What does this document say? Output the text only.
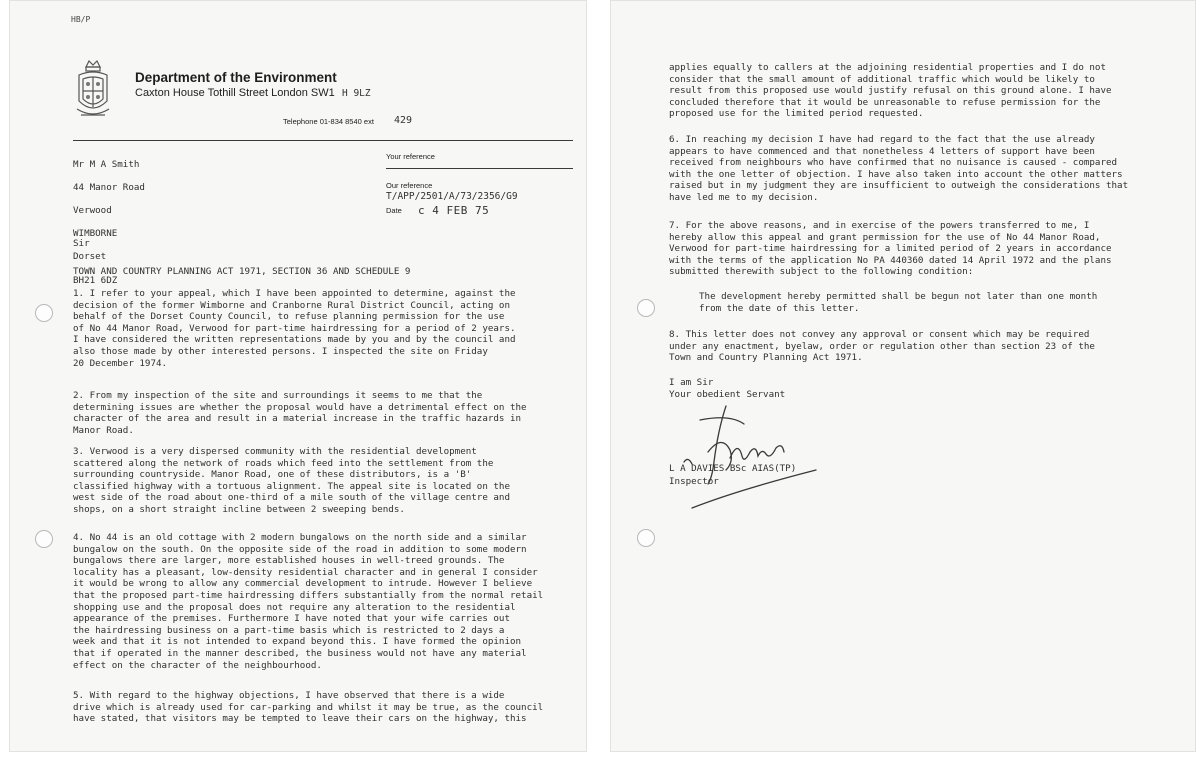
HB/P
Department of the Environment
Caxton House Tothill Street London SW1 H 9LZ
Telephone 01-834 8540 ext 429

Mr M A Smith

44 Manor Road

Verwood

WIMBORNE

Dorset

BH21 6DZ

Your reference
Our reference
T/APP/2501/A/73/2356/G9
Date c 4 FEB 75
Sir
TOWN AND COUNTRY PLANNING ACT 1971, SECTION 36 AND SCHEDULE 9
1. I refer to your appeal, which I have been appointed to determine, against the
decision of the former Wimborne and Cranborne Rural District Council, acting on
behalf of the Dorset County Council, to refuse planning permission for the use
of No 44 Manor Road, Verwood for part-time hairdressing for a period of 2 years.
I have considered the written representations made by you and by the council and
also those made by other interested persons. I inspected the site on Friday
20 December 1974.
2. From my inspection of the site and surroundings it seems to me that the
determining issues are whether the proposal would have a detrimental effect on the
character of the area and result in a material increase in the traffic hazards in
Manor Road.
3. Verwood is a very dispersed community with the residential development
scattered along the network of roads which feed into the settlement from the
surrounding countryside. Manor Road, one of these distributors, is a 'B'
classified highway with a tortuous alignment. The appeal site is located on the
west side of the road about one-third of a mile south of the village centre and
shops, on a short straight incline between 2 sweeping bends.
4. No 44 is an old cottage with 2 modern bungalows on the north side and a similar
bungalow on the south. On the opposite side of the road in addition to some modern
bungalows there are larger, more established houses in well-treed grounds. The
locality has a pleasant, low-density residential character and in general I consider
it would be wrong to allow any commercial development to intrude. However I believe
that the proposed part-time hairdressing differs substantially from the normal retail
shopping use and the proposal does not require any alteration to the residential
appearance of the premises. Furthermore I have noted that your wife carries out
the hairdressing business on a part-time basis which is restricted to 2 days a
week and that it is not intended to expand beyond this. I have formed the opinion
that if operated in the manner described, the business would not have any material
effect on the character of the neighbourhood.
5. With regard to the highway objections, I have observed that there is a wide
drive which is already used for car-parking and whilst it may be true, as the council
have stated, that visitors may be tempted to leave their cars on the highway, this
applies equally to callers at the adjoining residential properties and I do not
consider that the small amount of additional traffic which would be likely to
result from this proposed use would justify refusal on this ground alone. I have
concluded therefore that it would be unreasonable to refuse permission for the
proposed use for the limited period requested.
6. In reaching my decision I have had regard to the fact that the use already
appears to have commenced and that nonetheless 4 letters of support have been
received from neighbours who have confirmed that no nuisance is caused - compared
with the one letter of objection. I have also taken into account the other matters
raised but in my judgment they are insufficient to outweigh the considerations that
have led me to my decision.
7. For the above reasons, and in exercise of the powers transferred to me, I
hereby allow this appeal and grant permission for the use of No 44 Manor Road,
Verwood for part-time hairdressing for a limited period of 2 years in accordance
with the terms of the application No PA 440360 dated 14 April 1972 and the plans
submitted therewith subject to the following condition:
The development hereby permitted shall be begun not later than one month
from the date of this letter.
8. This letter does not convey any approval or consent which may be required
under any enactment, byelaw, order or regulation other than section 23 of the
Town and Country Planning Act 1971.
I am Sir
Your obedient Servant
L A DAVIES BSc AIAS(TP)
Inspector
